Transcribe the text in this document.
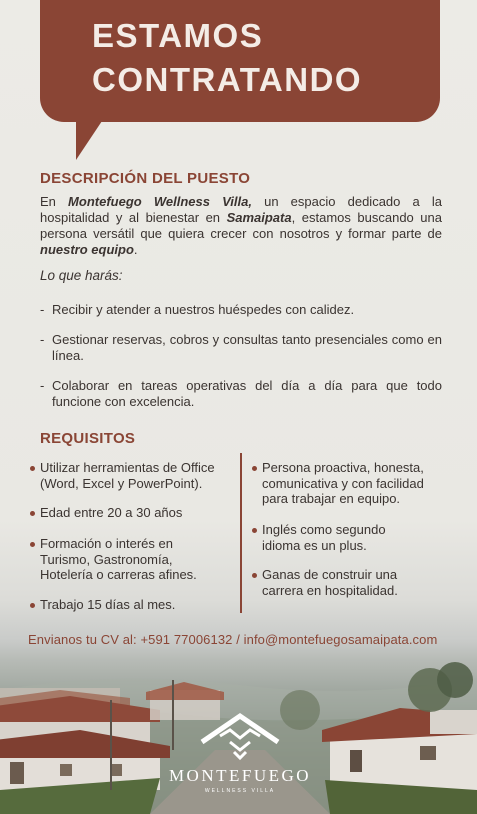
ESTAMOS
CONTRATANDO
DESCRIPCIÓN DEL PUESTO
En Montefuego Wellness Villa, un espacio dedicado a la hospitalidad y al bienestar en Samaipata, estamos buscando una persona versátil que quiera crecer con nosotros y formar parte de nuestro equipo.
Lo que harás:
- Recibir y atender a nuestros huéspedes con calidez.
- Gestionar reservas, cobros y consultas tanto presenciales como en línea.
- Colaborar en tareas operativas del día a día para que todo funcione con excelencia.
REQUISITOS
Utilizar herramientas de Office (Word, Excel y PowerPoint).
Edad entre 20 a 30 años
Formación o interés en Turismo, Gastronomía, Hotelería o carreras afines.
Trabajo 15 días al mes.
Persona proactiva, honesta, comunicativa y con facilidad para trabajar en equipo.
Inglés como segundo idioma es un plus.
Ganas de construir una carrera en hospitalidad.
Envianos tu CV al: +591 77006132 / info@montefuegosamaipata.com
MONTEFUEGO
WELLNESS VILLA
